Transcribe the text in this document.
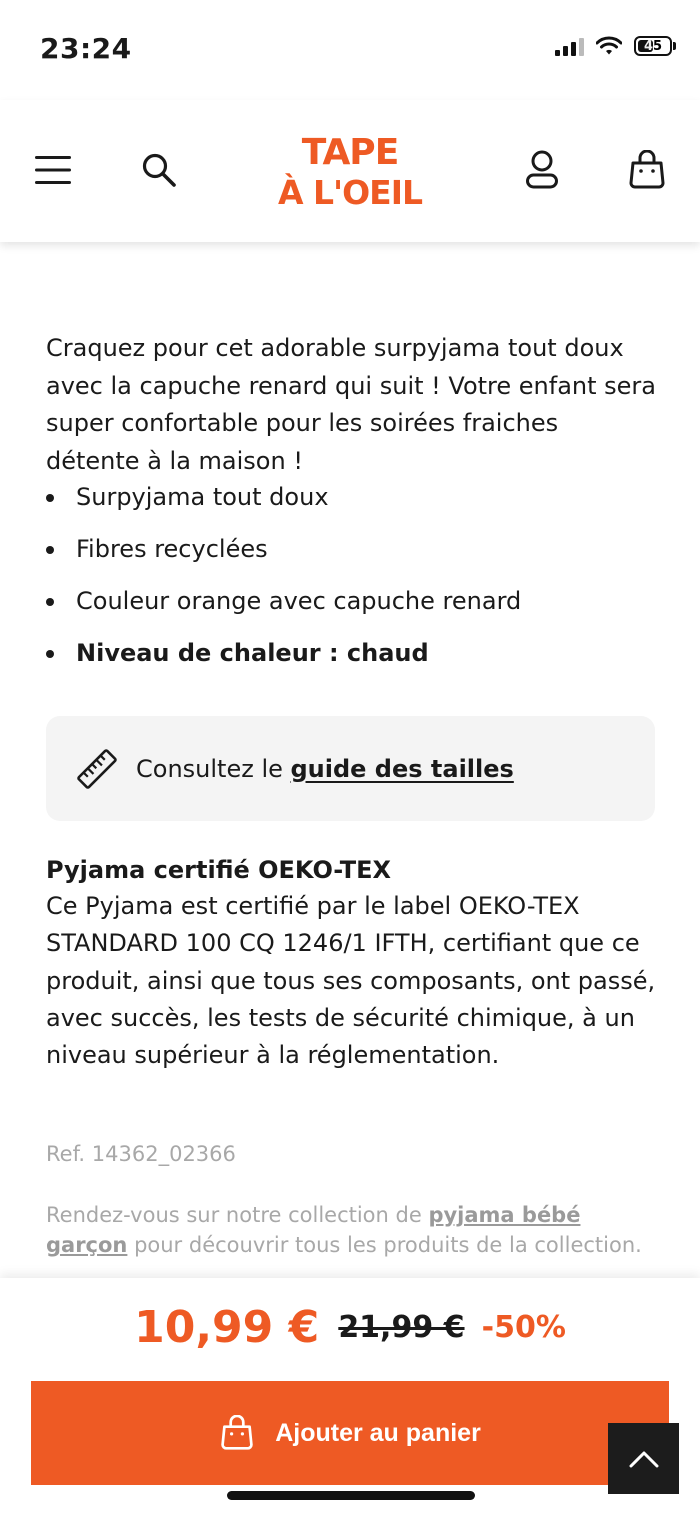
23:24	45
TAPE
À L'OEIL

Craquez pour cet adorable surpyjama tout doux avec la capuche renard qui suit ! Votre enfant sera super confortable pour les soirées fraiches détente à la maison !

Surpyjama tout doux
Fibres recyclées
Couleur orange avec capuche renard
Niveau de chaleur : chaud
Consultez le guide des tailles

Pyjama certifié OEKO-TEX

Ce Pyjama est certifié par le label OEKO-TEX STANDARD 100 CQ 1246/1 IFTH, certifiant que ce produit, ainsi que tous ses composants, ont passé, avec succès, les tests de sécurité chimique, à un niveau supérieur à la réglementation.

Ref. 14362_02366
Rendez-vous sur notre collection de pyjama bébé garçon pour découvrir tous les produits de la collection.
10,99 € 21,99 € -50%
Ajouter au panier
